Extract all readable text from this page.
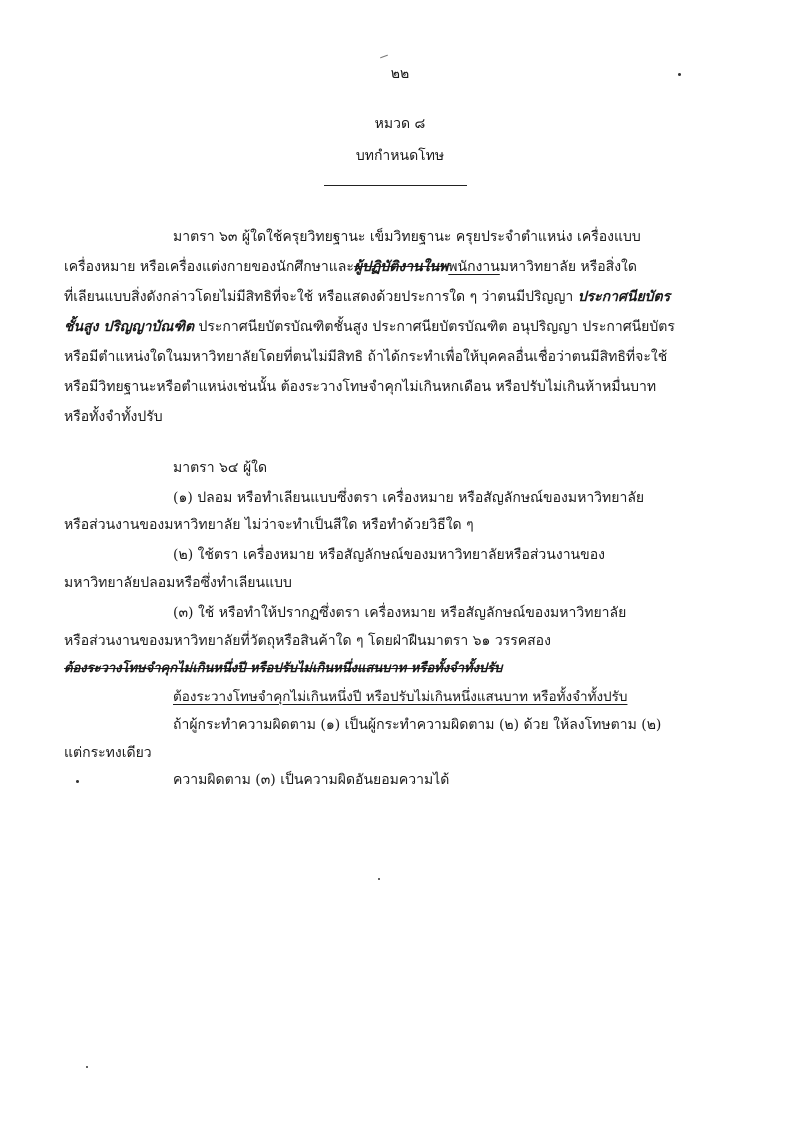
๒๒
หมวด ๘
บทกำหนดโทษ
มาตรา ๖๓ ผู้ใดใช้ครุยวิทยฐานะ เข็มวิทยฐานะ ครุยประจำตำแหน่ง เครื่องแบบ
เครื่องหมาย หรือเครื่องแต่งกายของนักศึกษาและผู้ปฏิบัติงานในพพนักงานมหาวิทยาลัย หรือสิ่งใด
ที่เลียนแบบสิ่งดังกล่าวโดยไม่มีสิทธิที่จะใช้ หรือแสดงด้วยประการใด ๆ ว่าตนมีปริญญา ประกาศนียบัตร
ชั้นสูง ปริญญาบัณฑิต ประกาศนียบัตรบัณฑิตชั้นสูง ประกาศนียบัตรบัณฑิต อนุปริญญา ประกาศนียบัตร
หรือมีตำแหน่งใดในมหาวิทยาลัยโดยที่ตนไม่มีสิทธิ ถ้าได้กระทำเพื่อให้บุคคลอื่นเชื่อว่าตนมีสิทธิที่จะใช้
หรือมีวิทยฐานะหรือตำแหน่งเช่นนั้น ต้องระวางโทษจำคุกไม่เกินหกเดือน หรือปรับไม่เกินห้าหมื่นบาท
หรือทั้งจำทั้งปรับ
มาตรา ๖๔ ผู้ใด
(๑) ปลอม หรือทำเลียนแบบซึ่งตรา เครื่องหมาย หรือสัญลักษณ์ของมหาวิทยาลัย
หรือส่วนงานของมหาวิทยาลัย ไม่ว่าจะทำเป็นสีใด หรือทำด้วยวิธีใด ๆ
(๒) ใช้ตรา เครื่องหมาย หรือสัญลักษณ์ของมหาวิทยาลัยหรือส่วนงานของ
มหาวิทยาลัยปลอมหรือซึ่งทำเลียนแบบ
(๓) ใช้ หรือทำให้ปรากฏซึ่งตรา เครื่องหมาย หรือสัญลักษณ์ของมหาวิทยาลัย
หรือส่วนงานของมหาวิทยาลัยที่วัตถุหรือสินค้าใด ๆ โดยฝ่าฝืนมาตรา ๖๑ วรรคสอง
ต้องระวางโทษจำคุกไม่เกินหนึ่งปี หรือปรับไม่เกินหนึ่งแสนบาท หรือทั้งจำทั้งปรับ
ต้องระวางโทษจำคุกไม่เกินหนึ่งปี หรือปรับไม่เกินหนึ่งแสนบาท หรือทั้งจำทั้งปรับ
ถ้าผู้กระทำความผิดตาม (๑) เป็นผู้กระทำความผิดตาม (๒) ด้วย ให้ลงโทษตาม (๒)
แต่กระทงเดียว
ความผิดตาม (๓) เป็นความผิดอันยอมความได้
